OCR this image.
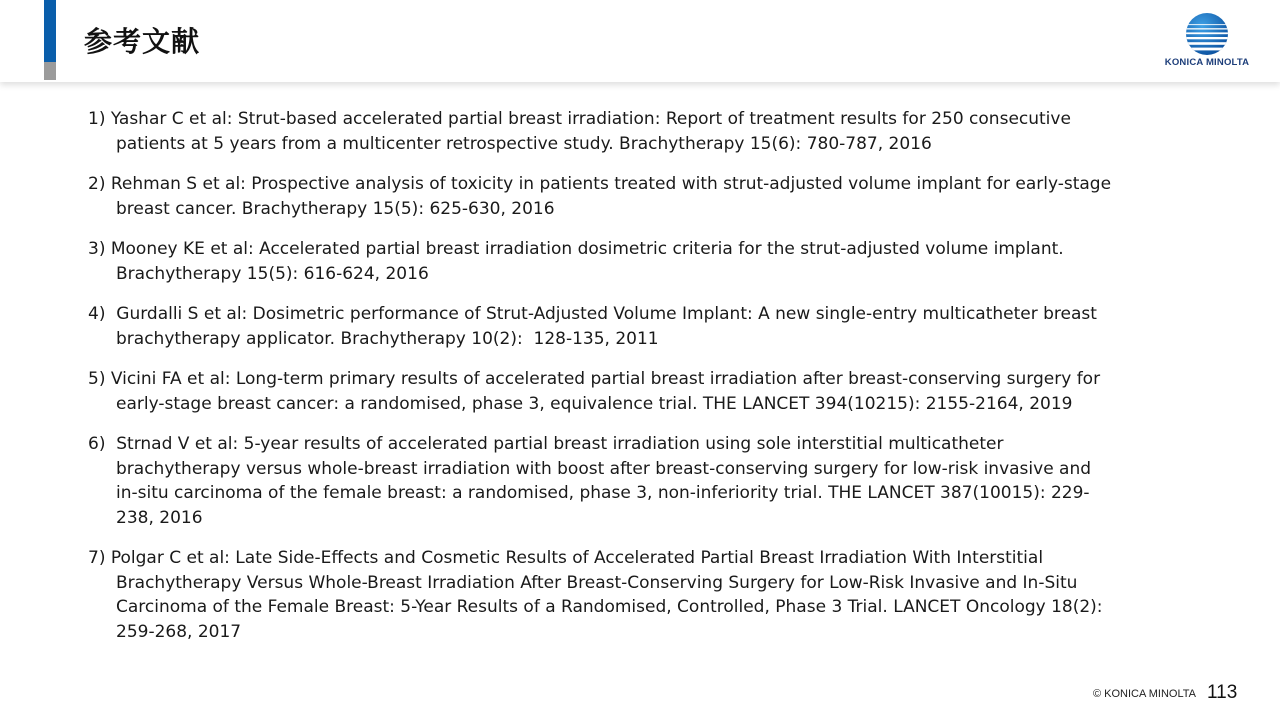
参考文献
KONICA MINOLTA
1) Yashar C et al: Strut-based accelerated partial breast irradiation: Report of treatment results for 250 consecutive
patients at 5 years from a multicenter retrospective study. Brachytherapy 15(6): 780-787, 2016
2) Rehman S et al: Prospective analysis of toxicity in patients treated with strut-adjusted volume implant for early-stage
breast cancer. Brachytherapy 15(5): 625-630, 2016
3) Mooney KE et al: Accelerated partial breast irradiation dosimetric criteria for the strut-adjusted volume implant.
Brachytherapy 15(5): 616-624, 2016
4)  Gurdalli S et al: Dosimetric performance of Strut-Adjusted Volume Implant: A new single-entry multicatheter breast
brachytherapy applicator. Brachytherapy 10(2):  128-135, 2011
5) Vicini FA et al: Long-term primary results of accelerated partial breast irradiation after breast-conserving surgery for
early-stage breast cancer: a randomised, phase 3, equivalence trial. THE LANCET 394(10215): 2155-2164, 2019
6)  Strnad V et al: 5-year results of accelerated partial breast irradiation using sole interstitial multicatheter
brachytherapy versus whole-breast irradiation with boost after breast-conserving surgery for low-risk invasive and
in-situ carcinoma of the female breast: a randomised, phase 3, non-inferiority trial. THE LANCET 387(10015): 229-
238, 2016
7) Polgar C et al: Late Side-Effects and Cosmetic Results of Accelerated Partial Breast Irradiation With Interstitial
Brachytherapy Versus Whole-Breast Irradiation After Breast-Conserving Surgery for Low-Risk Invasive and In-Situ
Carcinoma of the Female Breast: 5-Year Results of a Randomised, Controlled, Phase 3 Trial. LANCET Oncology 18(2):
259-268, 2017
© KONICA MINOLTA 113
